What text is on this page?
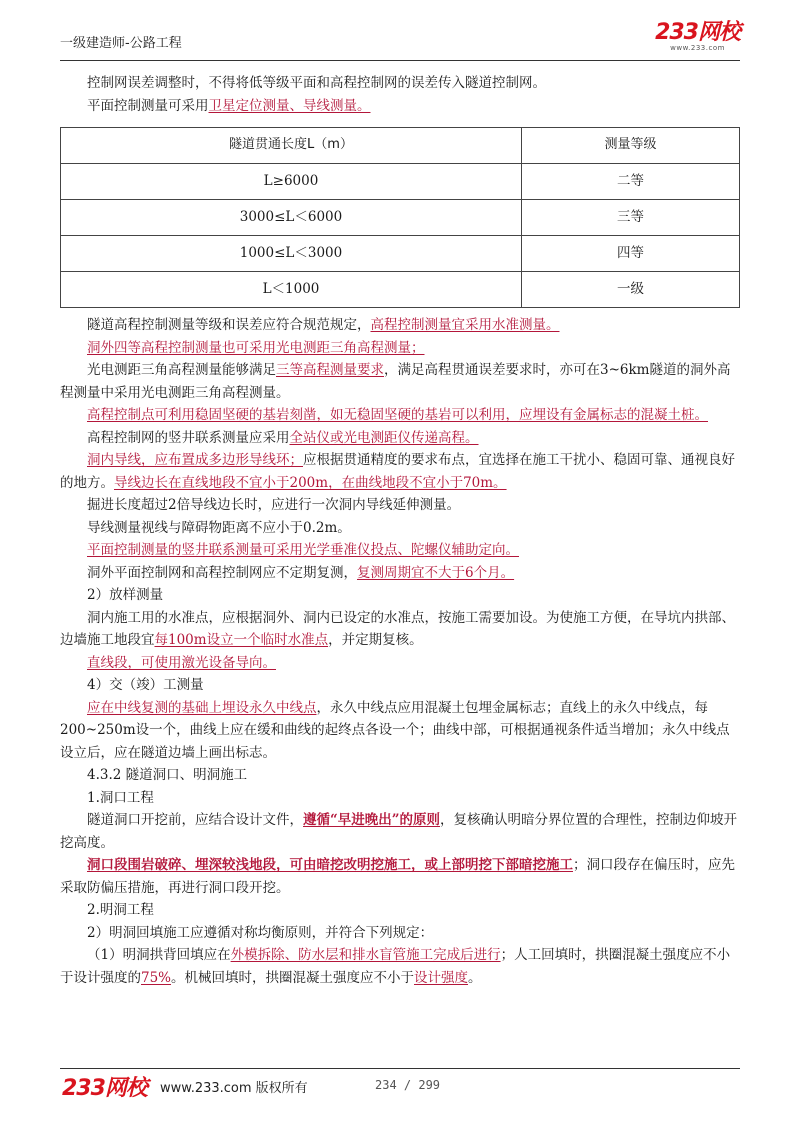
一级建造师-公路工程	233网校
www.233.com

控制网误差调整时，不得将低等级平面和高程控制网的误差传入隧道控制网。

平面控制测量可采用卫星定位测量、导线测量。

隧道贯通长度L（m）	测量等级
L≥6000	二等
3000≤L＜6000	三等
1000≤L＜3000	四等
L＜1000	一级

隧道高程控制测量等级和误差应符合规范规定，高程控制测量宜采用水准测量。

洞外四等高程控制测量也可采用光电测距三角高程测量；

光电测距三角高程测量能够满足三等高程测量要求，满足高程贯通误差要求时，亦可在3~6km隧道的洞外高程测量中采用光电测距三角高程测量。

高程控制点可利用稳固坚硬的基岩刻凿，如无稳固坚硬的基岩可以利用，应埋设有金属标志的混凝土桩。

高程控制网的竖井联系测量应采用全站仪或光电测距仪传递高程。

洞内导线，应布置成多边形导线环；应根据贯通精度的要求布点，宜选择在施工干扰小、稳固可靠、通视良好的地方。导线边长在直线地段不宜小于200m，在曲线地段不宜小于70m。

掘进长度超过2倍导线边长时，应进行一次洞内导线延伸测量。

导线测量视线与障碍物距离不应小于0.2m。

平面控制测量的竖井联系测量可采用光学垂准仪投点、陀螺仪辅助定向。

洞外平面控制网和高程控制网应不定期复测，复测周期宜不大于6个月。

2）放样测量

洞内施工用的水准点，应根据洞外、洞内已设定的水准点，按施工需要加设。为使施工方便，在导坑内拱部、边墙施工地段宜每100m设立一个临时水准点，并定期复核。

直线段，可使用激光设备导向。

4）交（竣）工测量

应在中线复测的基础上埋设永久中线点，永久中线点应用混凝土包埋金属标志；直线上的永久中线点，每200~250m设一个，曲线上应在缓和曲线的起终点各设一个；曲线中部，可根据通视条件适当增加；永久中线点设立后，应在隧道边墙上画出标志。

4.3.2 隧道洞口、明洞施工

1.洞口工程

隧道洞口开挖前，应结合设计文件，遵循“早进晚出”的原则，复核确认明暗分界位置的合理性，控制边仰坡开挖高度。

洞口段围岩破碎、埋深较浅地段，可由暗挖改明挖施工，或上部明挖下部暗挖施工；洞口段存在偏压时，应先采取防偏压措施，再进行洞口段开挖。

2.明洞工程

2）明洞回填施工应遵循对称均衡原则，并符合下列规定：

（1）明洞拱背回填应在外模拆除、防水层和排水盲管施工完成后进行；人工回填时，拱圈混凝土强度应不小于设计强度的75%。机械回填时，拱圈混凝土强度应不小于设计强度。

233网校 www.233.com 版权所有	234 / 299
